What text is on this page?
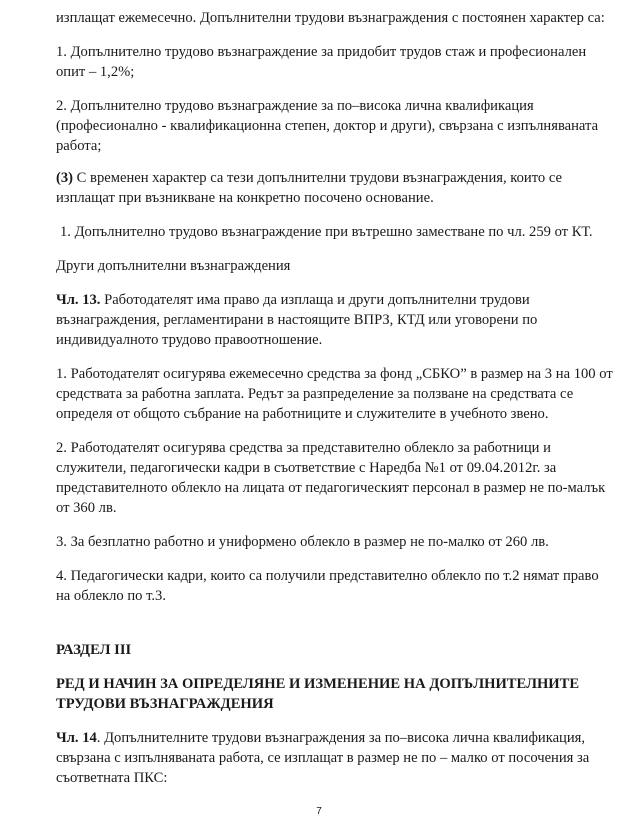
изплащат ежемесечно. Допълнителни трудови възнаграждения с постоянен характер са:

1. Допълнително трудово възнаграждение за придобит трудов стаж и професионален опит – 1,2%;

2. Допълнително трудово възнаграждение за по–висока лична квалификация (професионално - квалификационна степен, доктор и други), свързана с изпълняваната работа;

(3) С временен характер са тези допълнителни трудови възнаграждения, които се изплащат при възникване на конкретно посочено основание.

1. Допълнително трудово възнаграждение при вътрешно заместване по чл. 259 от КТ.

Други допълнителни възнаграждения

Чл. 13. Работодателят има право да изплаща и други допълнителни трудови възнаграждения, регламентирани в настоящите ВПРЗ, КТД или уговорени по индивидуалното трудово правоотношение.

1. Работодателят осигурява ежемесечно средства за фонд „СБКО” в размер на 3 на 100 от средствата за работна заплата. Редът за разпределение за ползване на средствата се определя от общото събрание на работниците и служителите в учебното звено.

2. Работодателят осигурява средства за представително облекло за работници и служители, педагогически кадри в съответствие с Наредба №1 от 09.04.2012г. за представителното облекло на лицата от педагогическият персонал в размер не по-малък от 360 лв.

3. За безплатно работно и униформено облекло в размер не по-малко от 260 лв.

4. Педагогически кадри, които са получили представително облекло по т.2 нямат право на облекло по т.3.

РАЗДЕЛ III

РЕД И НАЧИН ЗА ОПРЕДЕЛЯНЕ И ИЗМЕНЕНИЕ НА ДОПЪЛНИТЕЛНИТЕ ТРУДОВИ ВЪЗНАГРАЖДЕНИЯ

Чл. 14. Допълнителните трудови възнаграждения за по–висока лична квалификация, свързана с изпълняваната работа, се изплащат в размер не по – малко от посочения за съответната ПКС:

7
